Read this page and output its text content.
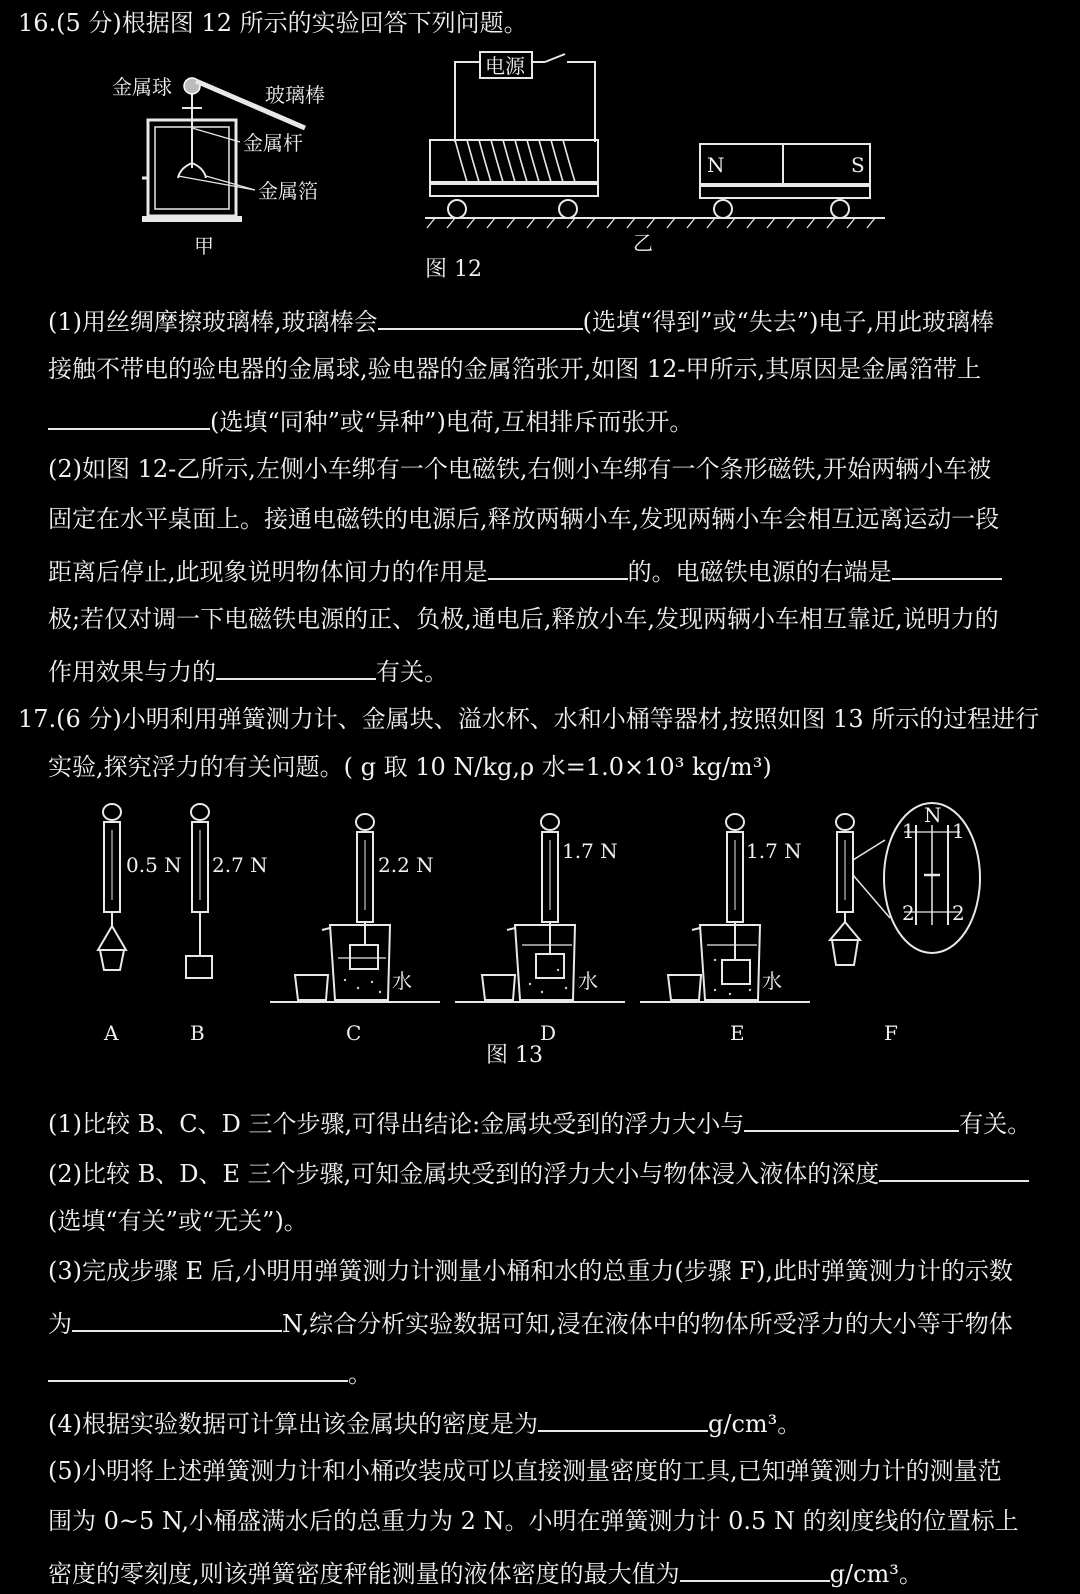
16.(5 分)根据图 12 所示的实验回答下列问题。
金属球	玻璃棒
金属杆
金属箔
甲
电源
N	S
乙
图 12
(1)用丝绸摩擦玻璃棒,玻璃棒会	(选填“得到”或“失去”)电子,用此玻璃棒
接触不带电的验电器的金属球,验电器的金属箔张开,如图 12-甲所示,其原因是金属箔带上
(选填“同种”或“异种”)电荷,互相排斥而张开。
(2)如图 12-乙所示,左侧小车绑有一个电磁铁,右侧小车绑有一个条形磁铁,开始两辆小车被
固定在水平桌面上。接通电磁铁的电源后,释放两辆小车,发现两辆小车会相互远离运动一段
距离后停止,此现象说明物体间力的作用是	的。电磁铁电源的右端是
极;若仅对调一下电磁铁电源的正、负极,通电后,释放小车,发现两辆小车相互靠近,说明力的
作用效果与力的	有关。
17.(6 分)小明利用弹簧测力计、金属块、溢水杯、水和小桶等器材,按照如图 13 所示的过程进行
实验,探究浮力的有关问题。( g 取 10 N/kg,ρ 水=1.0×10³ kg/m³)
0.5 N 2.7 N	2.2 N
1.7 N	1.7 N
水	水	水
N
1 1
2 2
A	B	C	D	E	F
图 13
(1)比较 B、C、D 三个步骤,可得出结论:金属块受到的浮力大小与	有关。
(2)比较 B、D、E 三个步骤,可知金属块受到的浮力大小与物体浸入液体的深度
(选填“有关”或“无关”)。
(3)完成步骤 E 后,小明用弹簧测力计测量小桶和水的总重力(步骤 F),此时弹簧测力计的示数
为	N,综合分析实验数据可知,浸在液体中的物体所受浮力的大小等于物体
。
(4)根据实验数据可计算出该金属块的密度是为	g/cm³。
(5)小明将上述弹簧测力计和小桶改装成可以直接测量密度的工具,已知弹簧测力计的测量范
围为 0~5 N,小桶盛满水后的总重力为 2 N。小明在弹簧测力计 0.5 N 的刻度线的位置标上
密度的零刻度,则该弹簧密度秤能测量的液体密度的最大值为	g/cm³。
